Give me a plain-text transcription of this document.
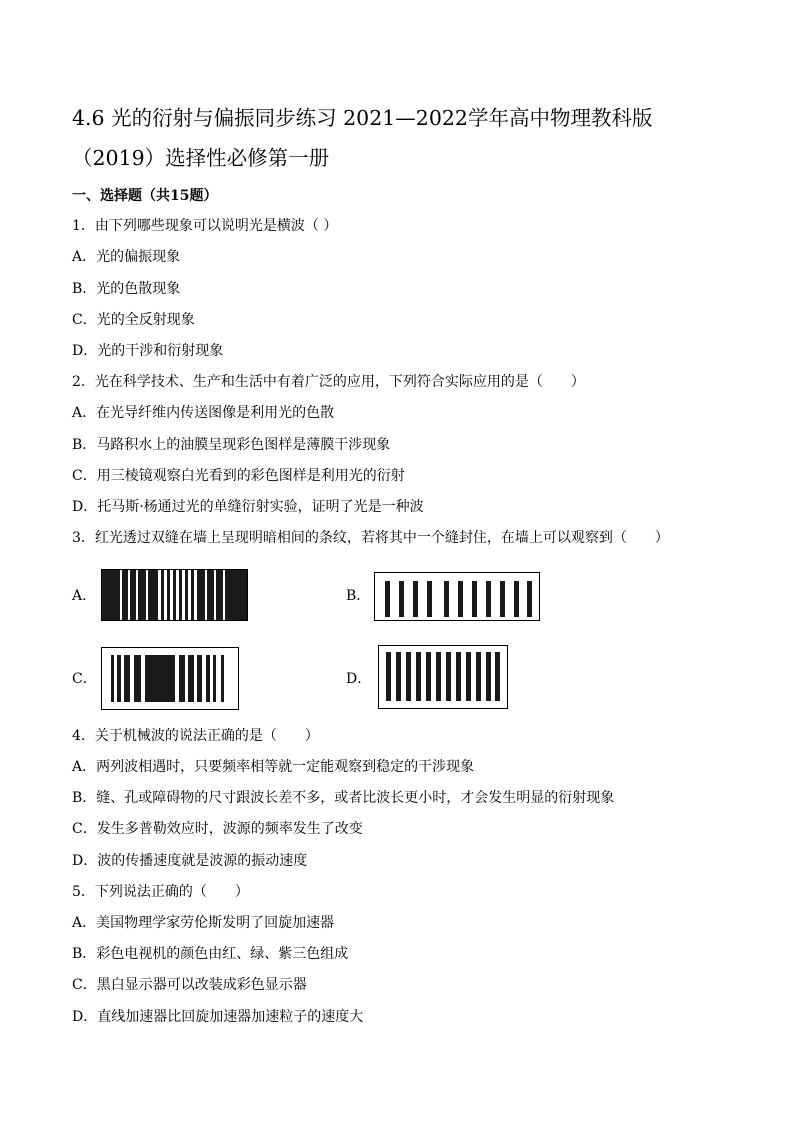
4.6 光的衍射与偏振同步练习 2021—2022学年高中物理教科版
（2019）选择性必修第一册
一、选择题（共15题）
1．由下列哪些现象可以说明光是横波（ ）
A．光的偏振现象
B．光的色散现象
C．光的全反射现象
D．光的干涉和衍射现象
2．光在科学技术、生产和生活中有着广泛的应用，下列符合实际应用的是（　　）
A．在光导纤维内传送图像是利用光的色散
B．马路积水上的油膜呈现彩色图样是薄膜干涉现象
C．用三棱镜观察白光看到的彩色图样是利用光的衍射
D．托马斯·杨通过光的单缝衍射实验，证明了光是一种波
3．红光透过双缝在墙上呈现明暗相间的条纹，若将其中一个缝封住，在墙上可以观察到（　　）
A．	B．
C．	D．
4．关于机械波的说法正确的是（　　）
A．两列波相遇时，只要频率相等就一定能观察到稳定的干涉现象
B．缝、孔或障碍物的尺寸跟波长差不多，或者比波长更小时，才会发生明显的衍射现象
C．发生多普勒效应时，波源的频率发生了改变
D．波的传播速度就是波源的振动速度
5．下列说法正确的（　　）
A．美国物理学家劳伦斯发明了回旋加速器
B．彩色电视机的颜色由红、绿、紫三色组成
C．黑白显示器可以改装成彩色显示器
D．直线加速器比回旋加速器加速粒子的速度大
